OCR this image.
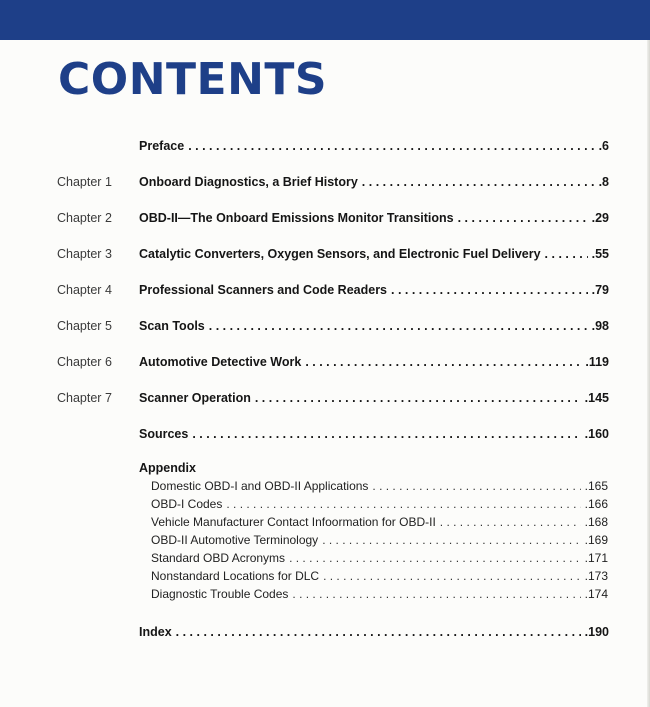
CONTENTS
Preface . . .	.6
Chapter 1 Onboard Diagnostics, a Brief History . . .	.8
Chapter 2 OBD-II—The Onboard Emissions Monitor Transitions . . .	.29
Chapter 3 Catalytic Converters, Oxygen Sensors, and Electronic Fuel Delivery . . .	.55
Chapter 4 Professional Scanners and Code Readers . . .	.79
Chapter 5 Scan Tools . . .	.98
Chapter 6 Automotive Detective Work . . .	.119
Chapter 7 Scanner Operation . . .	.145
Sources . . .	.160
Appendix
Domestic OBD-I and OBD-II Applications . . .	.165
OBD-I Codes . . .	.166
Vehicle Manufacturer Contact Infoormation for OBD-II . . .	.168
OBD-II Automotive Terminology . . .	.169
Standard OBD Acronyms . . .	.171
Nonstandard Locations for DLC . . .	.173
Diagnostic Trouble Codes . . .	.174
Index . . .	.190
